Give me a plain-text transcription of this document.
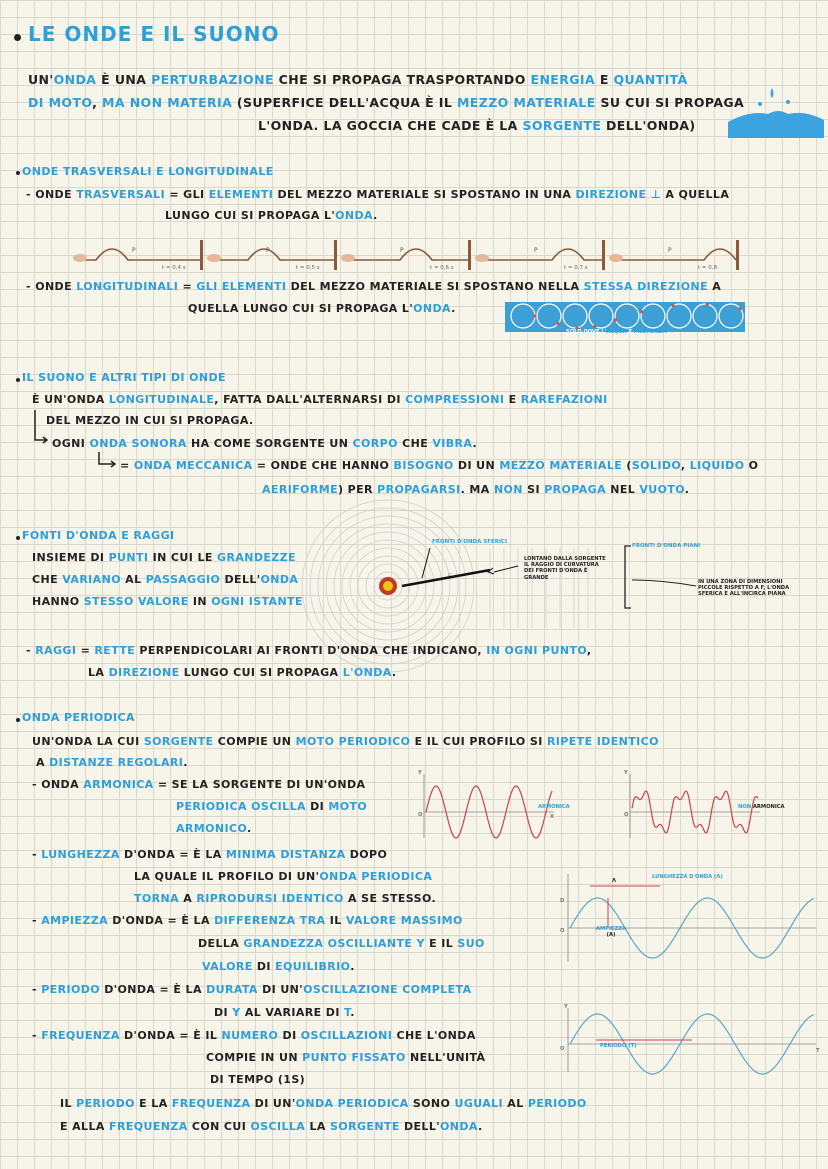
LE ONDE E IL SUONO
UN'ONDA È UNA PERTURBAZIONE CHE SI PROPAGA TRASPORTANDO ENERGIA E QUANTITÀ
DI MOTO, MA NON MATERIA (SUPERFICE DELL'ACQUA È IL MEZZO MATERIALE SU CUI SI PROPAGA
L'ONDA. LA GOCCIA CHE CADE È LA SORGENTE DELL'ONDA)
ONDE TRASVERSALI E LONGITUDINALE
- ONDE TRASVERSALI = GLI ELEMENTI DEL MEZZO MATERIALE SI SPOSTANO IN UNA DIREZIONE ⊥ A QUELLA
LUNGO CUI SI PROPAGA L'ONDA.
P
t = 0,4 s
P
t = 0,5 s
P
t = 0,6 s
P
t = 0,7 s
P
t = 0,8
- ONDE LONGITUDINALI = GLI ELEMENTI DEL MEZZO MATERIALE SI SPOSTANO NELLA STESSA DIREZIONE A
QUELLA LUNGO CUI SI PROPAGA L'ONDA.
SOLO DOVE L'ACQUA È PROFONDA
IL SUONO E ALTRI TIPI DI ONDE
È UN'ONDA LONGITUDINALE, FATTA DALL'ALTERNARSI DI COMPRESSIONI E RAREFAZIONI
DEL MEZZO IN CUI SI PROPAGA.
OGNI ONDA SONORA HA COME SORGENTE UN CORPO CHE VIBRA.
= ONDA MECCANICA = ONDE CHE HANNO BISOGNO DI UN MEZZO MATERIALE (SOLIDO, LIQUIDO O
AERIFORME) PER PROPAGARSI. MA NON SI PROPAGA NEL VUOTO.
FONTI D'ONDA E RAGGI
INSIEME DI PUNTI IN CUI LE GRANDEZZE
CHE VARIANO AL PASSAGGIO DELL'ONDA
HANNO STESSO VALORE IN OGNI ISTANTE
FRONTI D'ONDA SFERICI
FRONTI D'ONDA PIANI
LONTANO DALLA SORGENTE
IL RAGGIO DI CURVATURA
DEI FRONTI D'ONDA È
GRANDE
IN UNA ZONA DI DIMENSIONI
PICCOLE RISPETTO A F, L'ONDA
SFERICA È ALL'INCIRCA PIANA
- RAGGI = RETTE PERPENDICOLARI AI FRONTI D'ONDA CHE INDICANO, IN OGNI PUNTO,
LA DIREZIONE LUNGO CUI SI PROPAGA L'ONDA.
ONDA PERIODICA
UN'ONDA LA CUI SORGENTE COMPIE UN MOTO PERIODICO E IL CUI PROFILO SI RIPETE IDENTICO
A DISTANZE REGOLARI.
- ONDA ARMONICA = SE LA SORGENTE DI UN'ONDA
PERIODICA OSCILLA DI MOTO
ARMONICO.
Y
O	X
ARMONICA
Y
O
NON ARMONICA
- LUNGHEZZA D'ONDA = È LA MINIMA DISTANZA DOPO
LA QUALE IL PROFILO DI UN'ONDA PERIODICA
TORNA A RIPRODURSI IDENTICO A SE STESSO.
- AMPIEZZA D'ONDA = È LA DIFFERENZA TRA IL VALORE MASSIMO
DELLA GRANDEZZA OSCILLIANTE Y E IL SUO
VALORE DI EQUILIBRIO.
LUNGHEZZA D'ONDA (Λ)
Λ
D
O	AMPIEZZA
(A)
- PERIODO D'ONDA = È LA DURATA DI UN'OSCILLAZIONE COMPLETA
DI Y AL VARIARE DI T.
- FREQUENZA D'ONDA = È IL NUMERO DI OSCILLAZIONI CHE L'ONDA
COMPIE IN UN PUNTO FISSATO NELL'UNITÀ
DI TEMPO (1S)
Y
O	T
PERIODO (T)
IL PERIODO E LA FREQUENZA DI UN'ONDA PERIODICA SONO UGUALI AL PERIODO
E ALLA FREQUENZA CON CUI OSCILLA LA SORGENTE DELL'ONDA.
